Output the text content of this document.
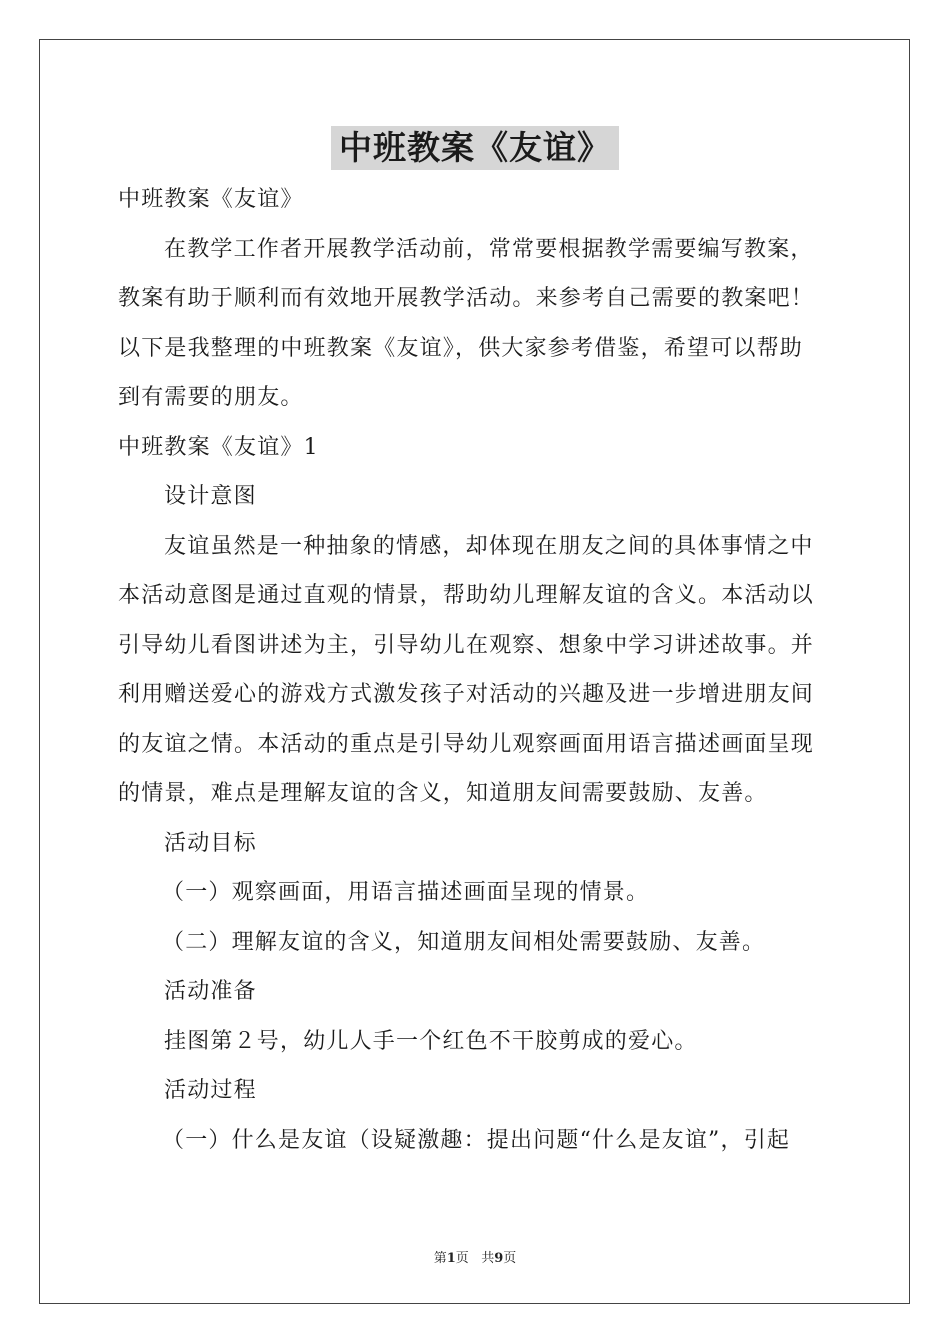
中班教案《友谊》
中班教案《友谊》
在教学工作者开展教学活动前，常常要根据教学需要编写教案，
教案有助于顺利而有效地开展教学活动。来参考自己需要的教案吧！
以下是我整理的中班教案《友谊》，供大家参考借鉴，希望可以帮助
到有需要的朋友。
中班教案《友谊》1
设计意图
友谊虽然是一种抽象的情感，却体现在朋友之间的具体事情之中
本活动意图是通过直观的情景，帮助幼儿理解友谊的含义。本活动以
引导幼儿看图讲述为主，引导幼儿在观察、想象中学习讲述故事。并
利用赠送爱心的游戏方式激发孩子对活动的兴趣及进一步增进朋友间
的友谊之情。本活动的重点是引导幼儿观察画面用语言描述画面呈现
的情景，难点是理解友谊的含义，知道朋友间需要鼓励、友善。
活动目标
（一）观察画面，用语言描述画面呈现的情景。
（二）理解友谊的含义，知道朋友间相处需要鼓励、友善。
活动准备
挂图第２号，幼儿人手一个红色不干胶剪成的爱心。
活动过程
（一）什么是友谊（设疑激趣：提出问题“什么是友谊”，引起
第1页 共9页
